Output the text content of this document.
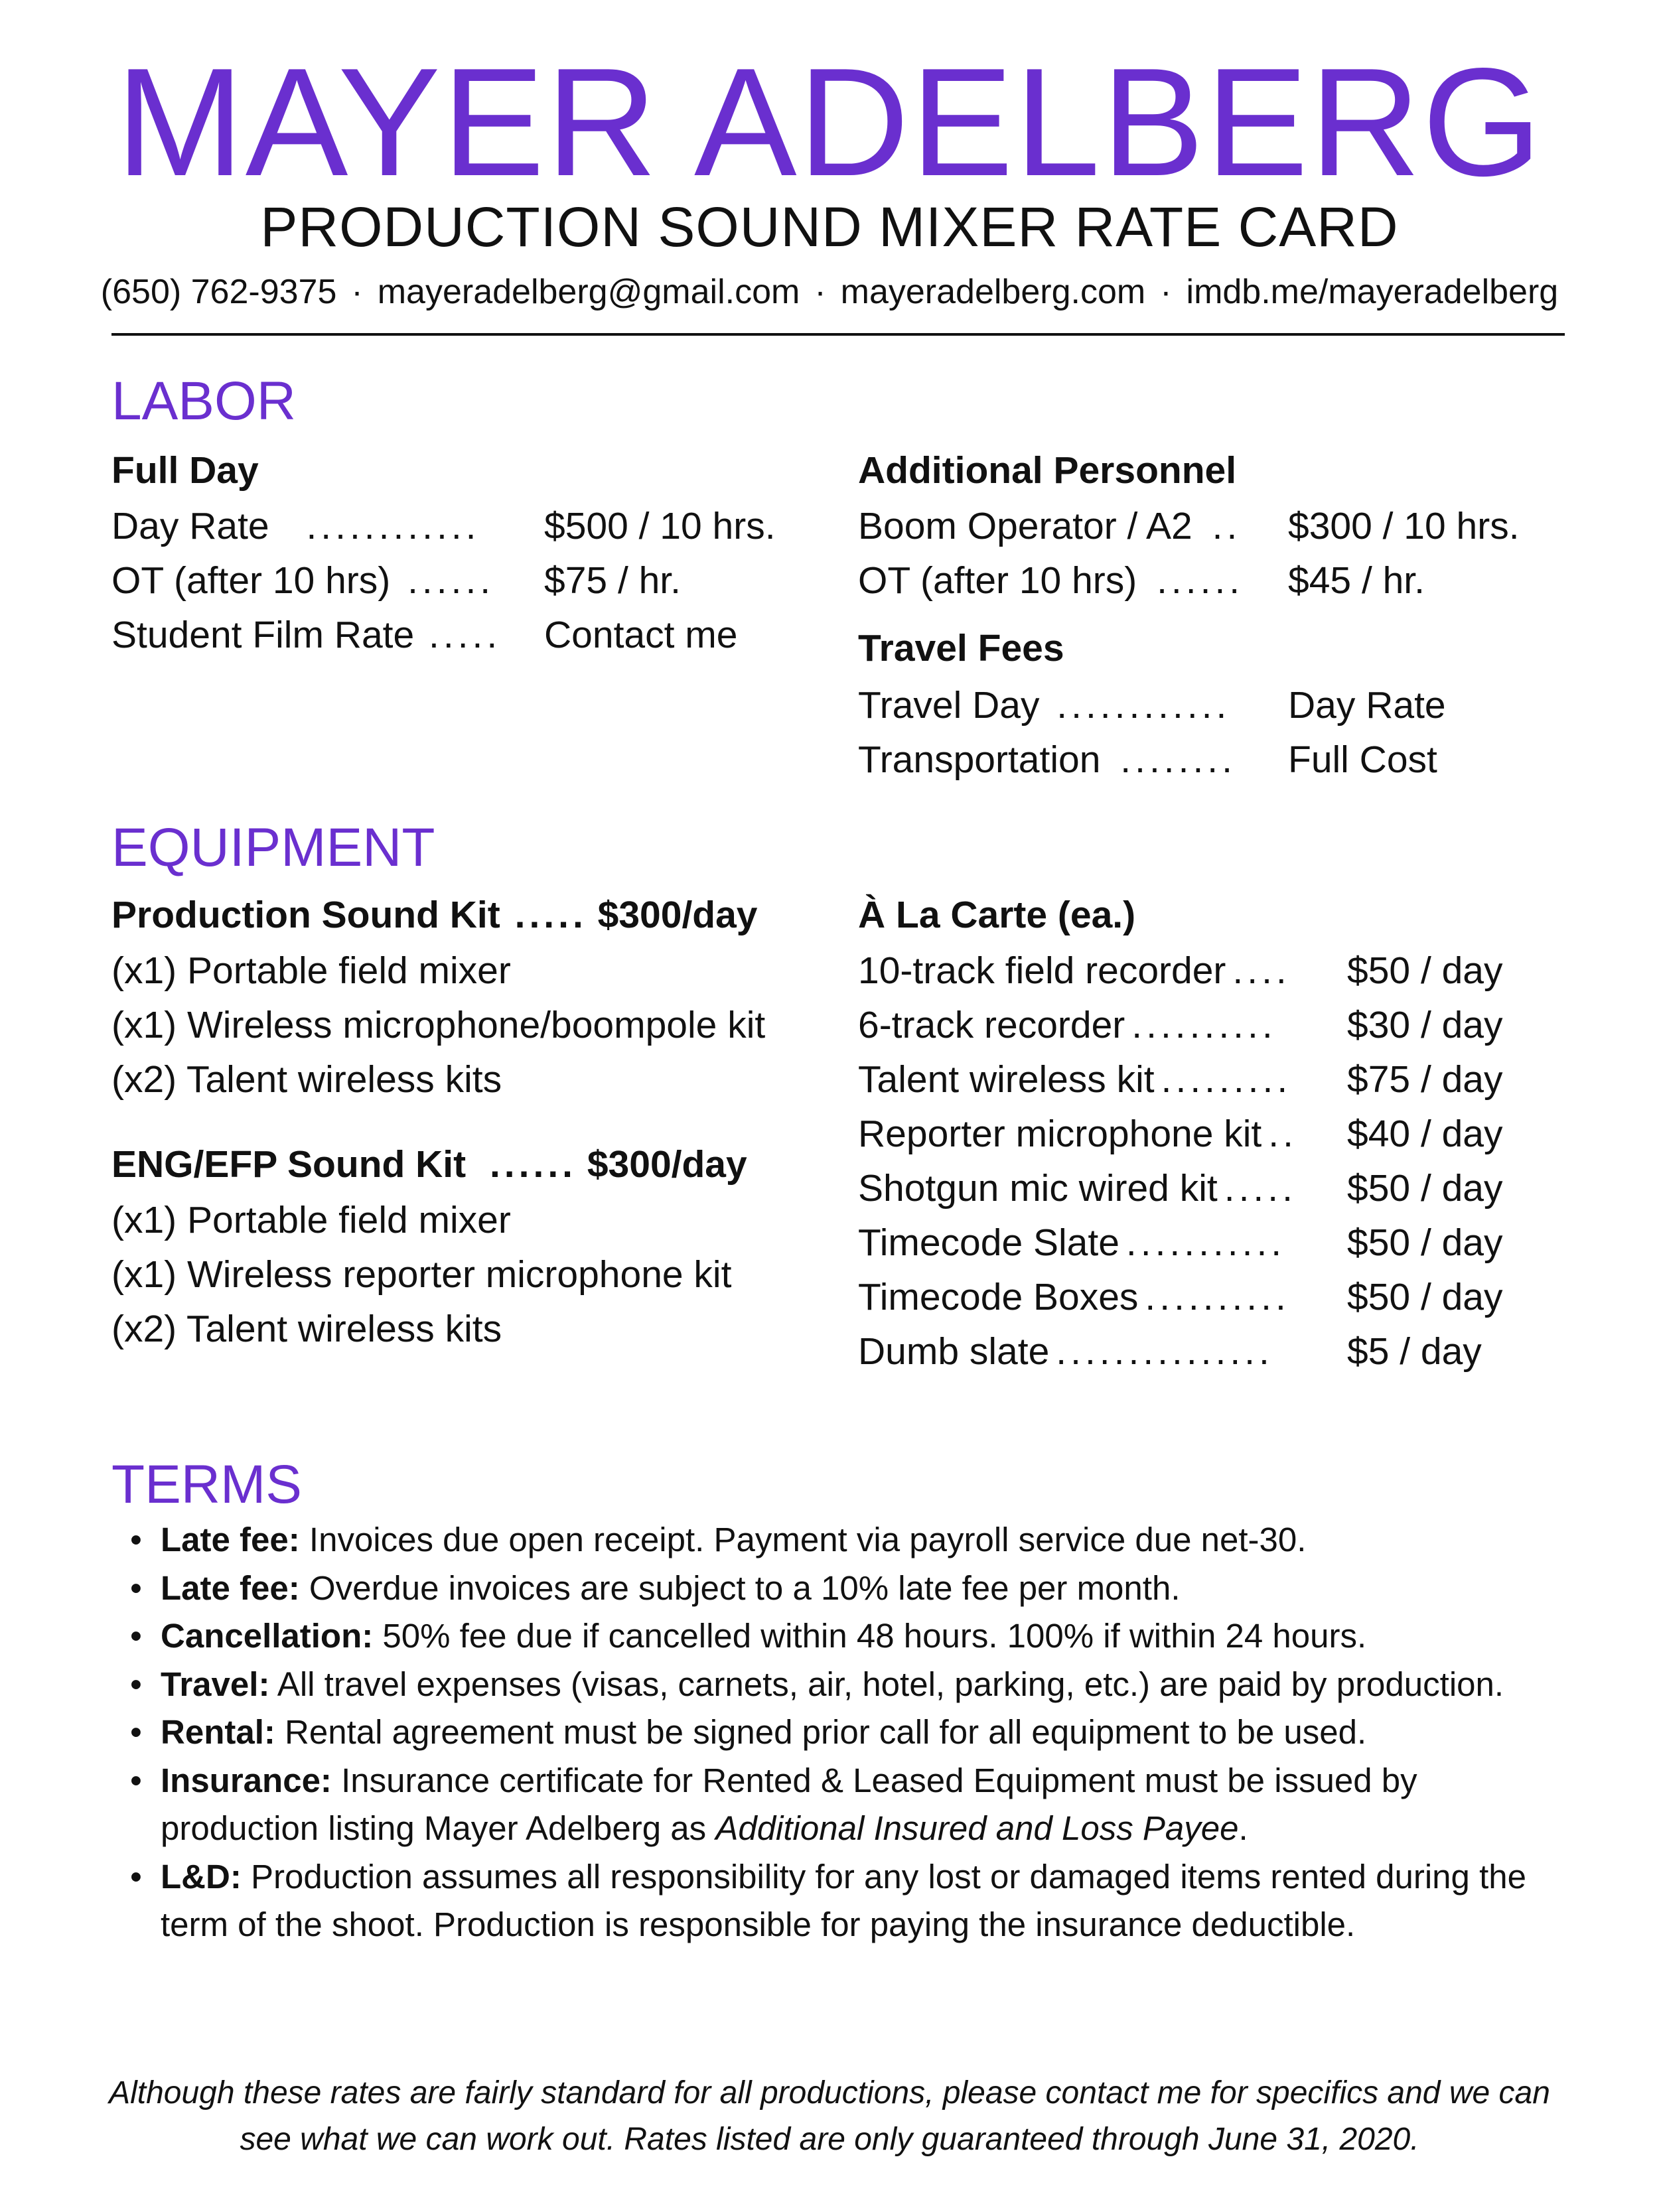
MAYER ADELBERG
PRODUCTION SOUND MIXER RATE CARD
(650) 762-9375 · mayeradelberg@gmail.com · mayeradelberg.com · imdb.me/mayeradelberg
LABOR
Full Day
Day Rate ............ $500 / 10 hrs.
OT (after 10 hrs) ...... $75 / hr.
Student Film Rate ..... Contact me
Additional Personnel
Boom Operator / A2 .. $300 / 10 hrs.
OT (after 10 hrs) ...... $45 / hr.
Travel Fees
Travel Day ............ Day Rate
Transportation ........ Full Cost
EQUIPMENT
Production Sound Kit ..... $300/day
(x1) Portable field mixer
(x1) Wireless microphone/boompole kit
(x2) Talent wireless kits
ENG/EFP Sound Kit ...... $300/day
(x1) Portable field mixer
(x1) Wireless reporter microphone kit
(x2) Talent wireless kits
À La Carte (ea.)
10-track field recorder .... $50 / day
6-track recorder .......... $30 / day
Talent wireless kit ......... $75 / day
Reporter microphone kit .. $40 / day
Shotgun mic wired kit ..... $50 / day
Timecode Slate ........... $50 / day
Timecode Boxes .......... $50 / day
Dumb slate ............... $5 / day
TERMS
• Late fee: Invoices due open receipt. Payment via payroll service due net-30.
• Late fee: Overdue invoices are subject to a 10% late fee per month.
• Cancellation: 50% fee due if cancelled within 48 hours. 100% if within 24 hours.
• Travel: All travel expenses (visas, carnets, air, hotel, parking, etc.) are paid by production.
• Rental: Rental agreement must be signed prior call for all equipment to be used.
• Insurance: Insurance certificate for Rented & Leased Equipment must be issued by production listing Mayer Adelberg as Additional Insured and Loss Payee.
• L&D: Production assumes all responsibility for any lost or damaged items rented during the term of the shoot. Production is responsible for paying the insurance deductible.
Although these rates are fairly standard for all productions, please contact me for specifics and we can see what we can work out. Rates listed are only guaranteed through June 31, 2020.
